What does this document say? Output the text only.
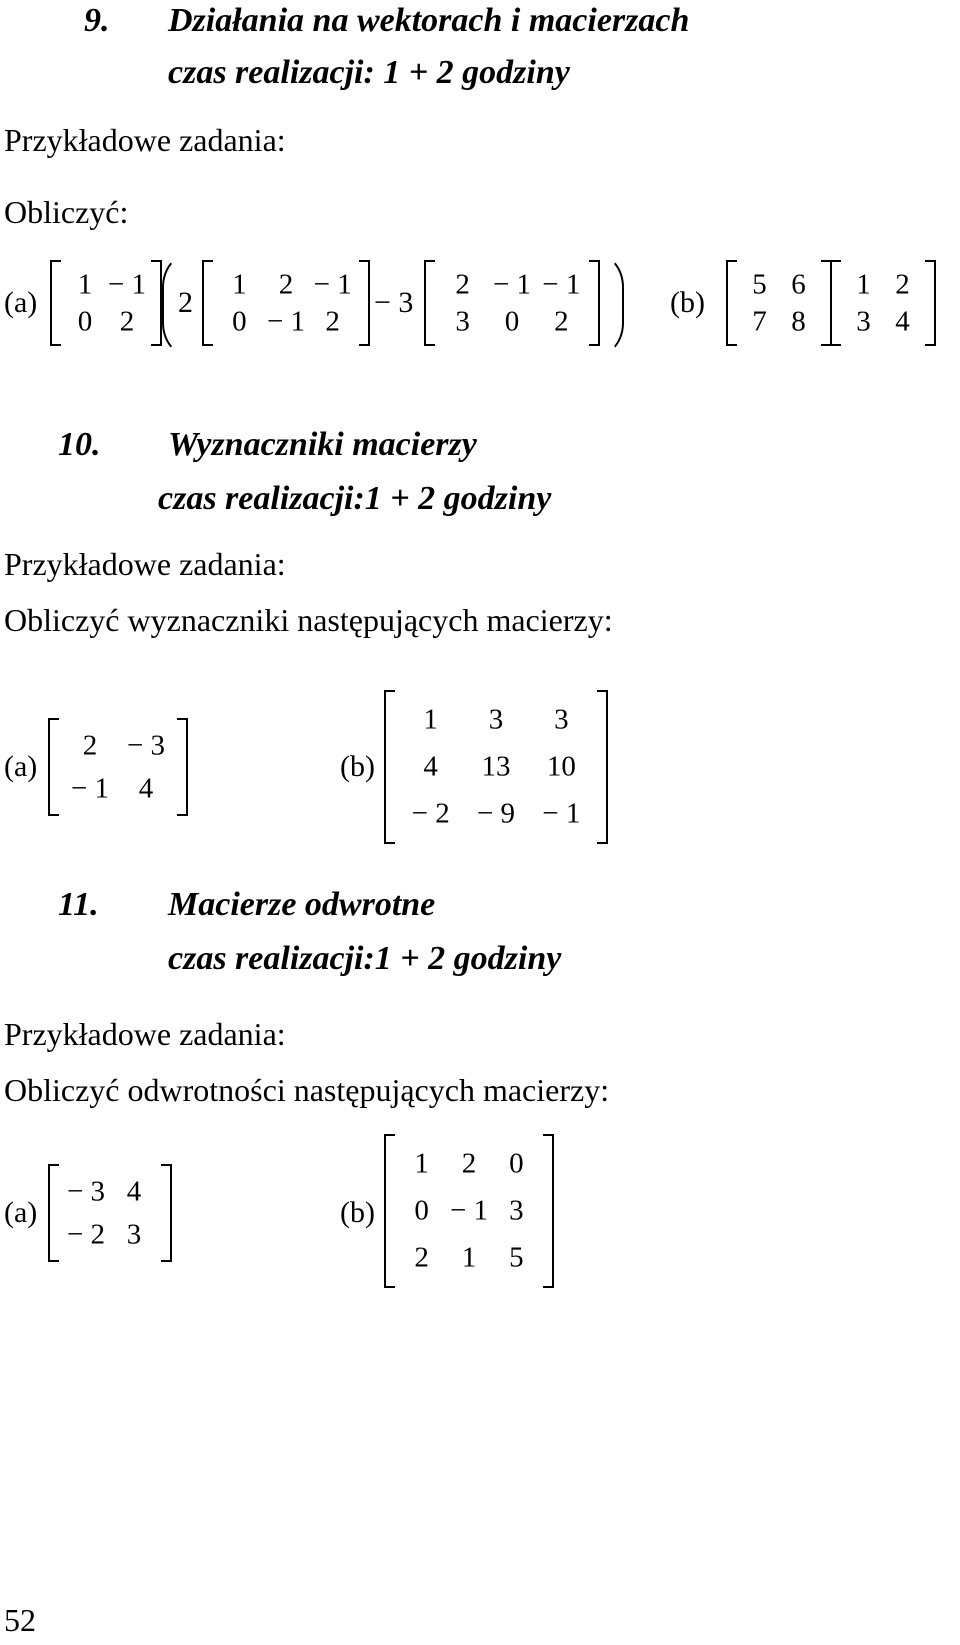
9. Działania na wektorach i macierzach
czas realizacji: 1 + 2 godziny
Przykładowe zadania:
Obliczyć:
(a)
1 − 1
0 2
2
1 2 − 1
0 − 1 2
− 3
2 − 1 − 1
3 0 2
(b)
5 6
7 8
1 2
3 4
10. Wyznaczniki macierzy
czas realizacji:1 + 2 godziny
Przykładowe zadania:
Obliczyć wyznaczniki następujących macierzy:
(a)
2 − 3
− 1 4
(b)
1 3 3
4 13 10
− 2 − 9 − 1
11. Macierze odwrotne
czas realizacji:1 + 2 godziny
Przykładowe zadania:
Obliczyć odwrotności następujących macierzy:
(a)
− 3 4
− 2 3
(b)
1 2 0
0 − 1 3
2 1 5
52
